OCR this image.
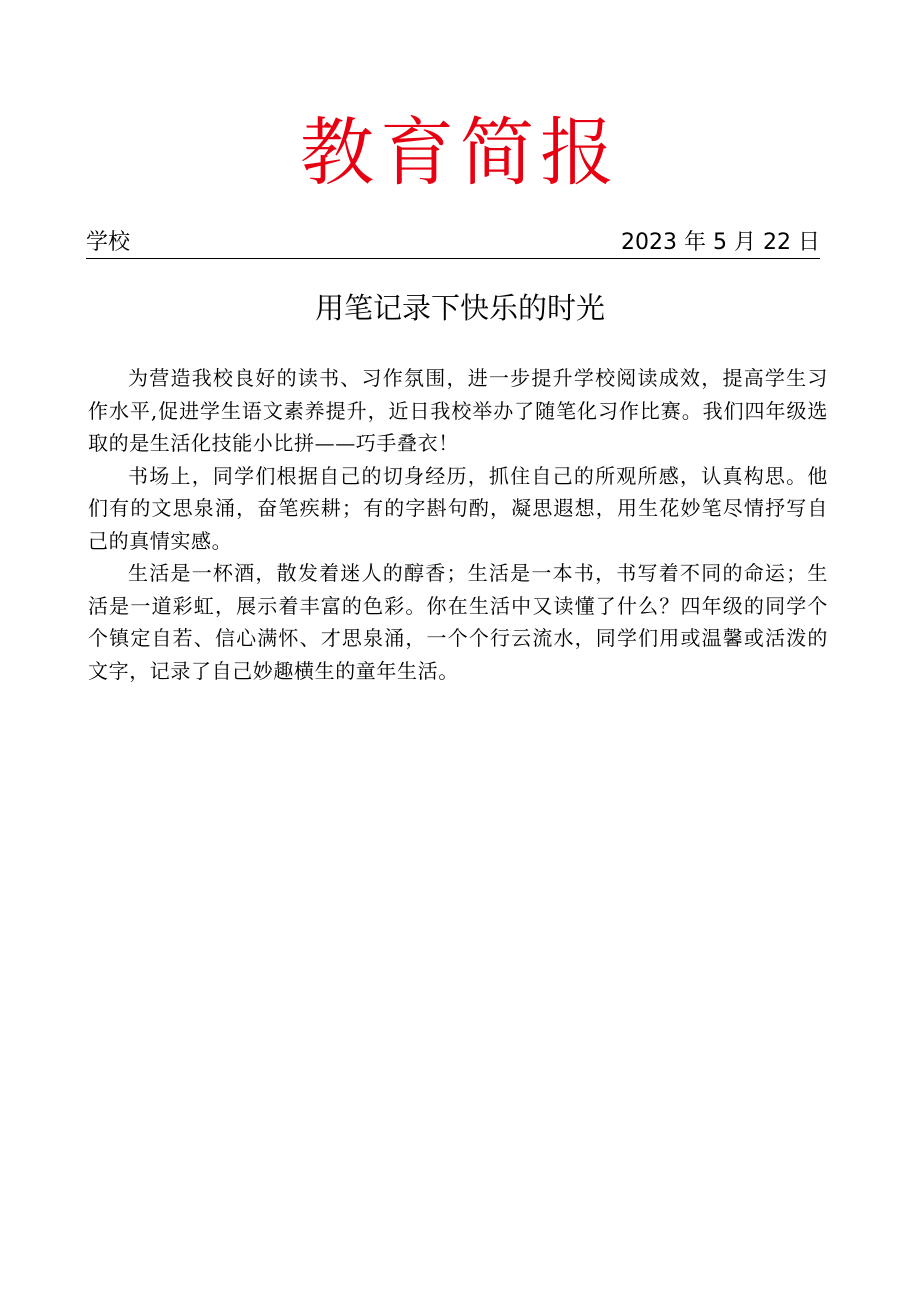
教育简报
学校	2023 年 5 月 22 日
用笔记录下快乐的时光

为营造我校良好的读书、习作氛围，进一步提升学校阅读成效，提高学生习作水平,促进学生语文素养提升，近日我校举办了随笔化习作比赛。我们四年级选取的是生活化技能小比拼——巧手叠衣！

书场上，同学们根据自己的切身经历，抓住自己的所观所感，认真构思。他们有的文思泉涌，奋笔疾耕；有的字斟句酌，凝思遐想，用生花妙笔尽情抒写自己的真情实感。

生活是一杯酒，散发着迷人的醇香；生活是一本书，书写着不同的命运；生活是一道彩虹，展示着丰富的色彩。你在生活中又读懂了什么？四年级的同学个个镇定自若、信心满怀、才思泉涌，一个个行云流水，同学们用或温馨或活泼的文字，记录了自己妙趣横生的童年生活。
